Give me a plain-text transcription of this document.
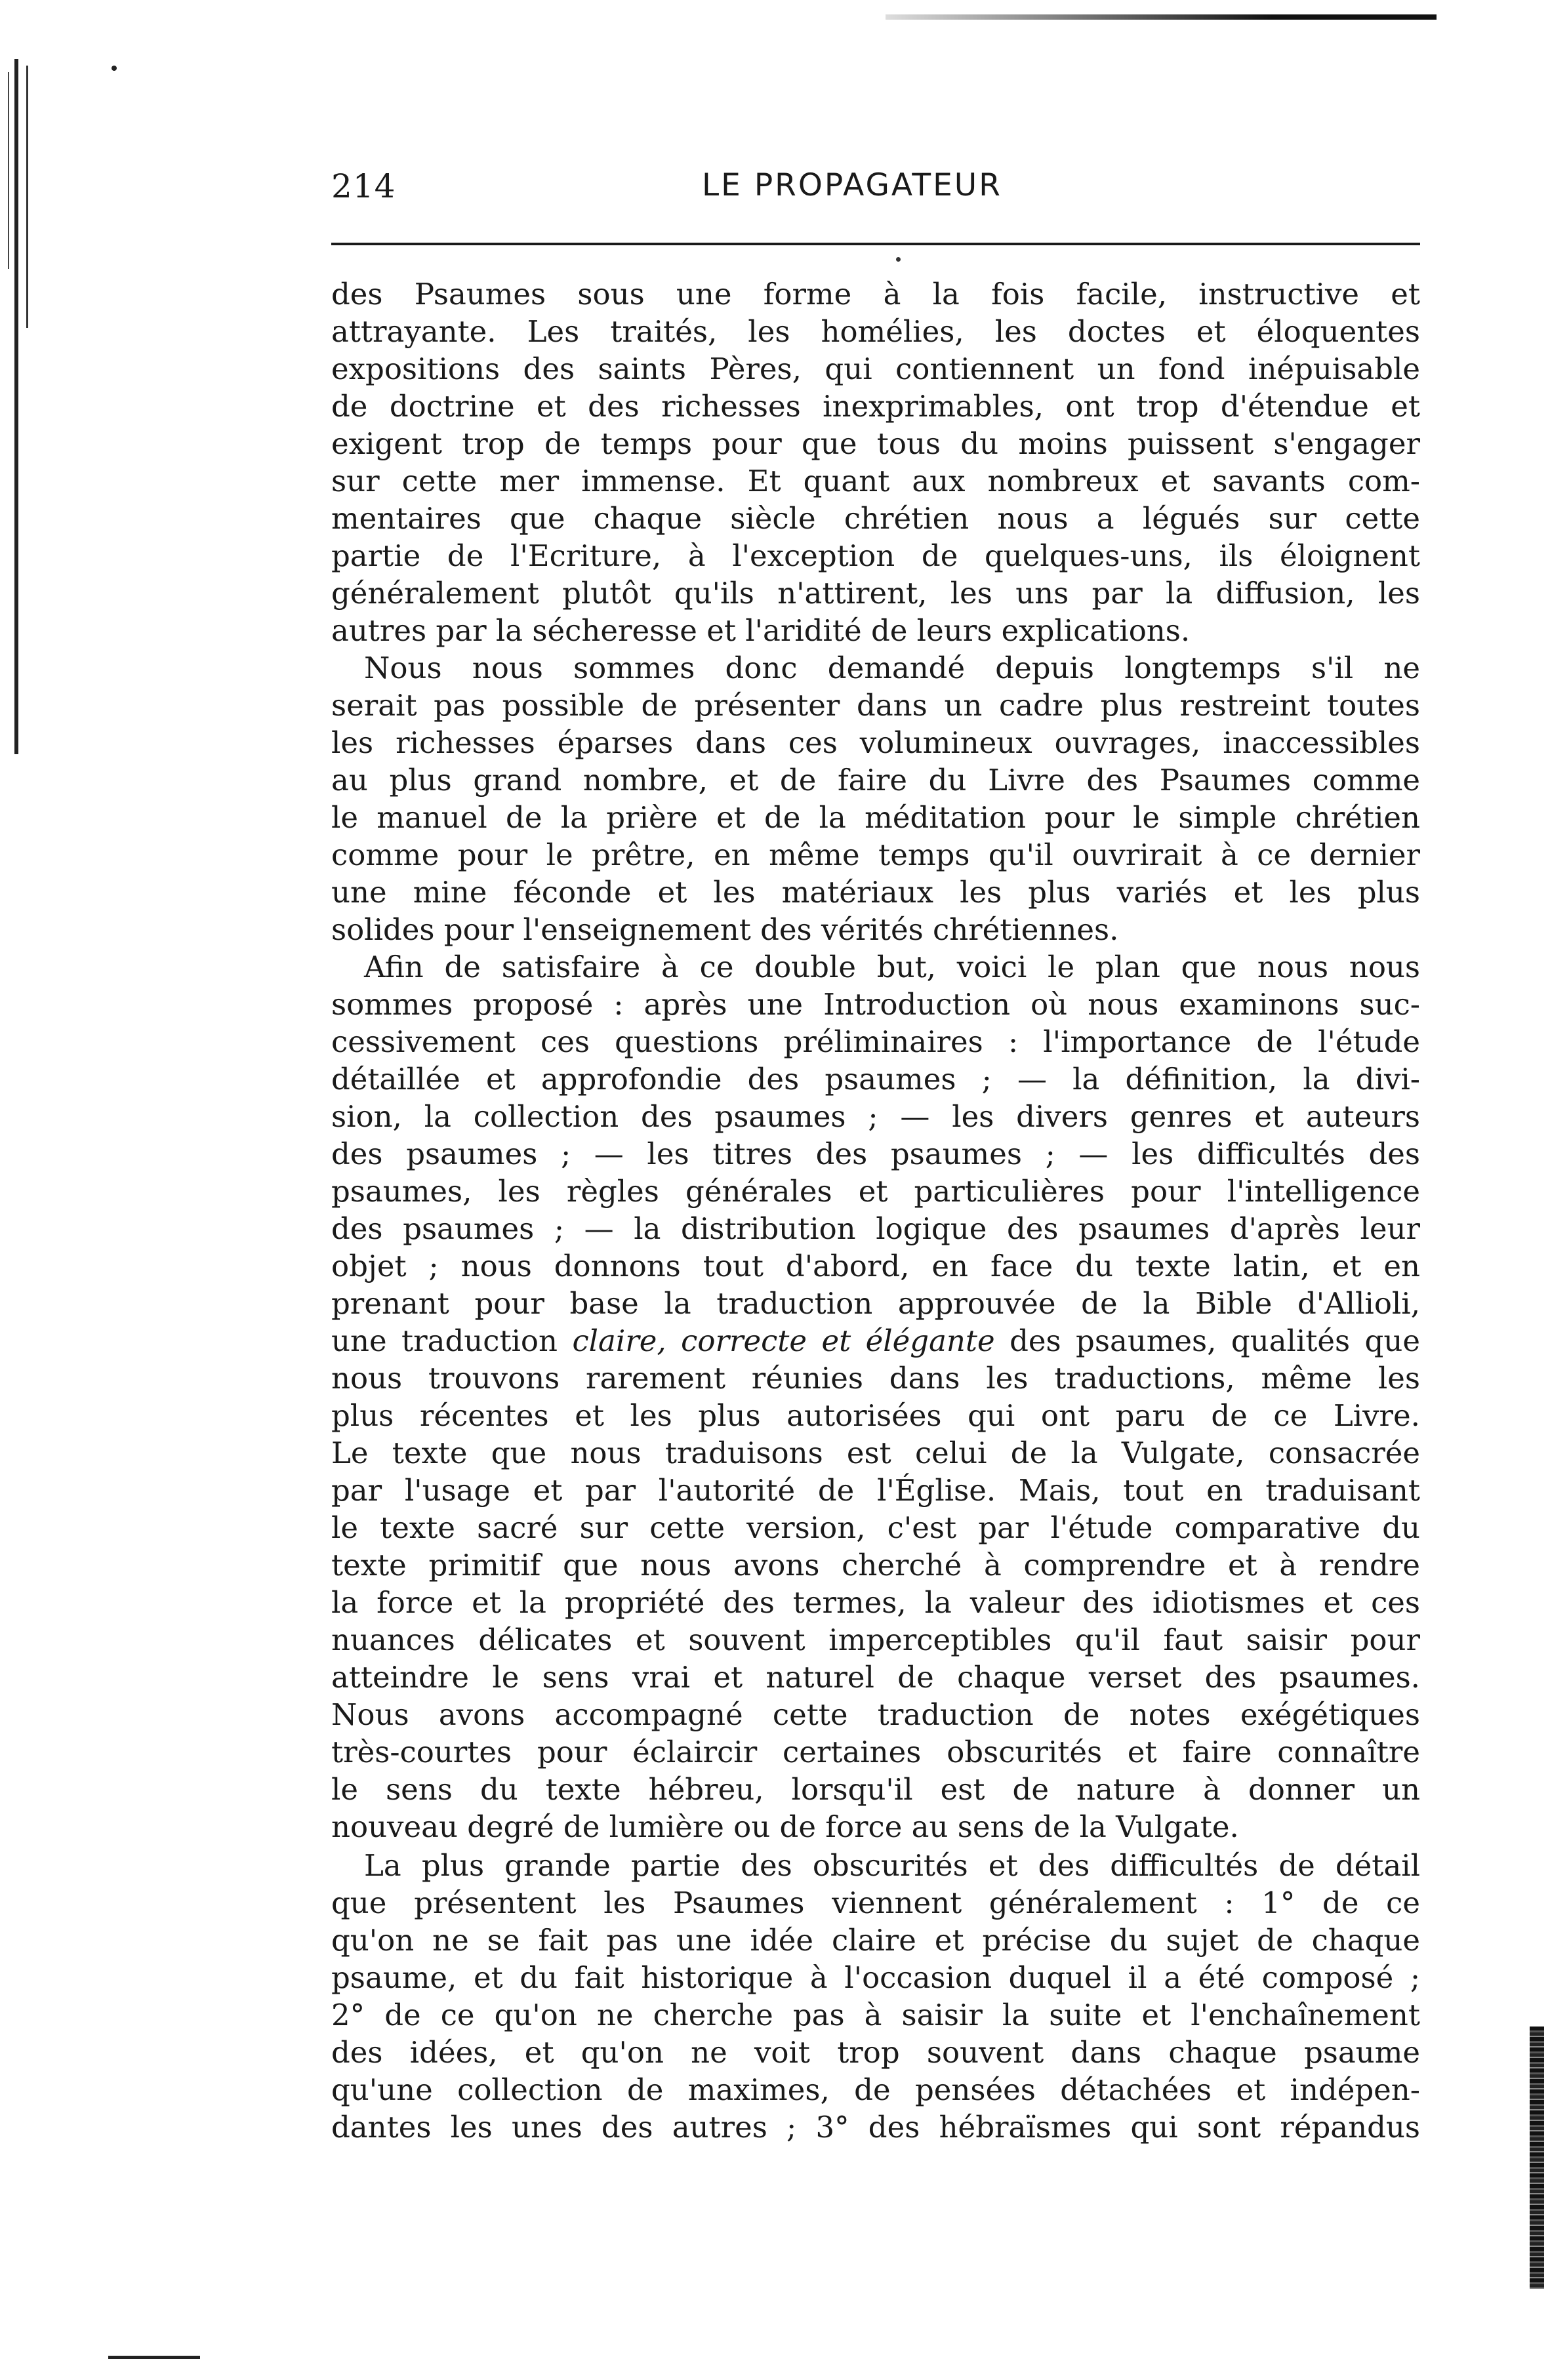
214	LE PROPAGATEUR
des Psaumes sous une forme à la fois facile, instructive et
attrayante. Les traités, les homélies, les doctes et éloquentes
expositions des saints Pères, qui contiennent un fond inépuisable
de doctrine et des richesses inexprimables, ont trop d'étendue et
exigent trop de temps pour que tous du moins puissent s'engager
sur cette mer immense. Et quant aux nombreux et savants com-
mentaires que chaque siècle chrétien nous a légués sur cette
partie de l'Ecriture, à l'exception de quelques-uns, ils éloignent
généralement plutôt qu'ils n'attirent, les uns par la diffusion, les
autres par la sécheresse et l'aridité de leurs explications.
Nous nous sommes donc demandé depuis longtemps s'il ne
serait pas possible de présenter dans un cadre plus restreint toutes
les richesses éparses dans ces volumineux ouvrages, inaccessibles
au plus grand nombre, et de faire du Livre des Psaumes comme
le manuel de la prière et de la méditation pour le simple chrétien
comme pour le prêtre, en même temps qu'il ouvrirait à ce dernier
une mine féconde et les matériaux les plus variés et les plus
solides pour l'enseignement des vérités chrétiennes.
Afin de satisfaire à ce double but, voici le plan que nous nous
sommes proposé : après une Introduction où nous examinons suc-
cessivement ces questions préliminaires : l'importance de l'étude
détaillée et approfondie des psaumes ; — la définition, la divi-
sion, la collection des psaumes ; — les divers genres et auteurs
des psaumes ; — les titres des psaumes ; — les difficultés des
psaumes, les règles générales et particulières pour l'intelligence
des psaumes ; — la distribution logique des psaumes d'après leur
objet ; nous donnons tout d'abord, en face du texte latin, et en
prenant pour base la traduction approuvée de la Bible d'Allioli,
une traduction claire, correcte et élégante des psaumes, qualités que
nous trouvons rarement réunies dans les traductions, même les
plus récentes et les plus autorisées qui ont paru de ce Livre.
Le texte que nous traduisons est celui de la Vulgate, consacrée
par l'usage et par l'autorité de l'Église. Mais, tout en traduisant
le texte sacré sur cette version, c'est par l'étude comparative du
texte primitif que nous avons cherché à comprendre et à rendre
la force et la propriété des termes, la valeur des idiotismes et ces
nuances délicates et souvent imperceptibles qu'il faut saisir pour
atteindre le sens vrai et naturel de chaque verset des psaumes.
Nous avons accompagné cette traduction de notes exégétiques
très-courtes pour éclaircir certaines obscurités et faire connaître
le sens du texte hébreu, lorsqu'il est de nature à donner un
nouveau degré de lumière ou de force au sens de la Vulgate.
La plus grande partie des obscurités et des difficultés de détail
que présentent les Psaumes viennent généralement : 1° de ce
qu'on ne se fait pas une idée claire et précise du sujet de chaque
psaume, et du fait historique à l'occasion duquel il a été composé ;
2° de ce qu'on ne cherche pas à saisir la suite et l'enchaînement
des idées, et qu'on ne voit trop souvent dans chaque psaume
qu'une collection de maximes, de pensées détachées et indépen-
dantes les unes des autres ; 3° des hébraïsmes qui sont répandus
